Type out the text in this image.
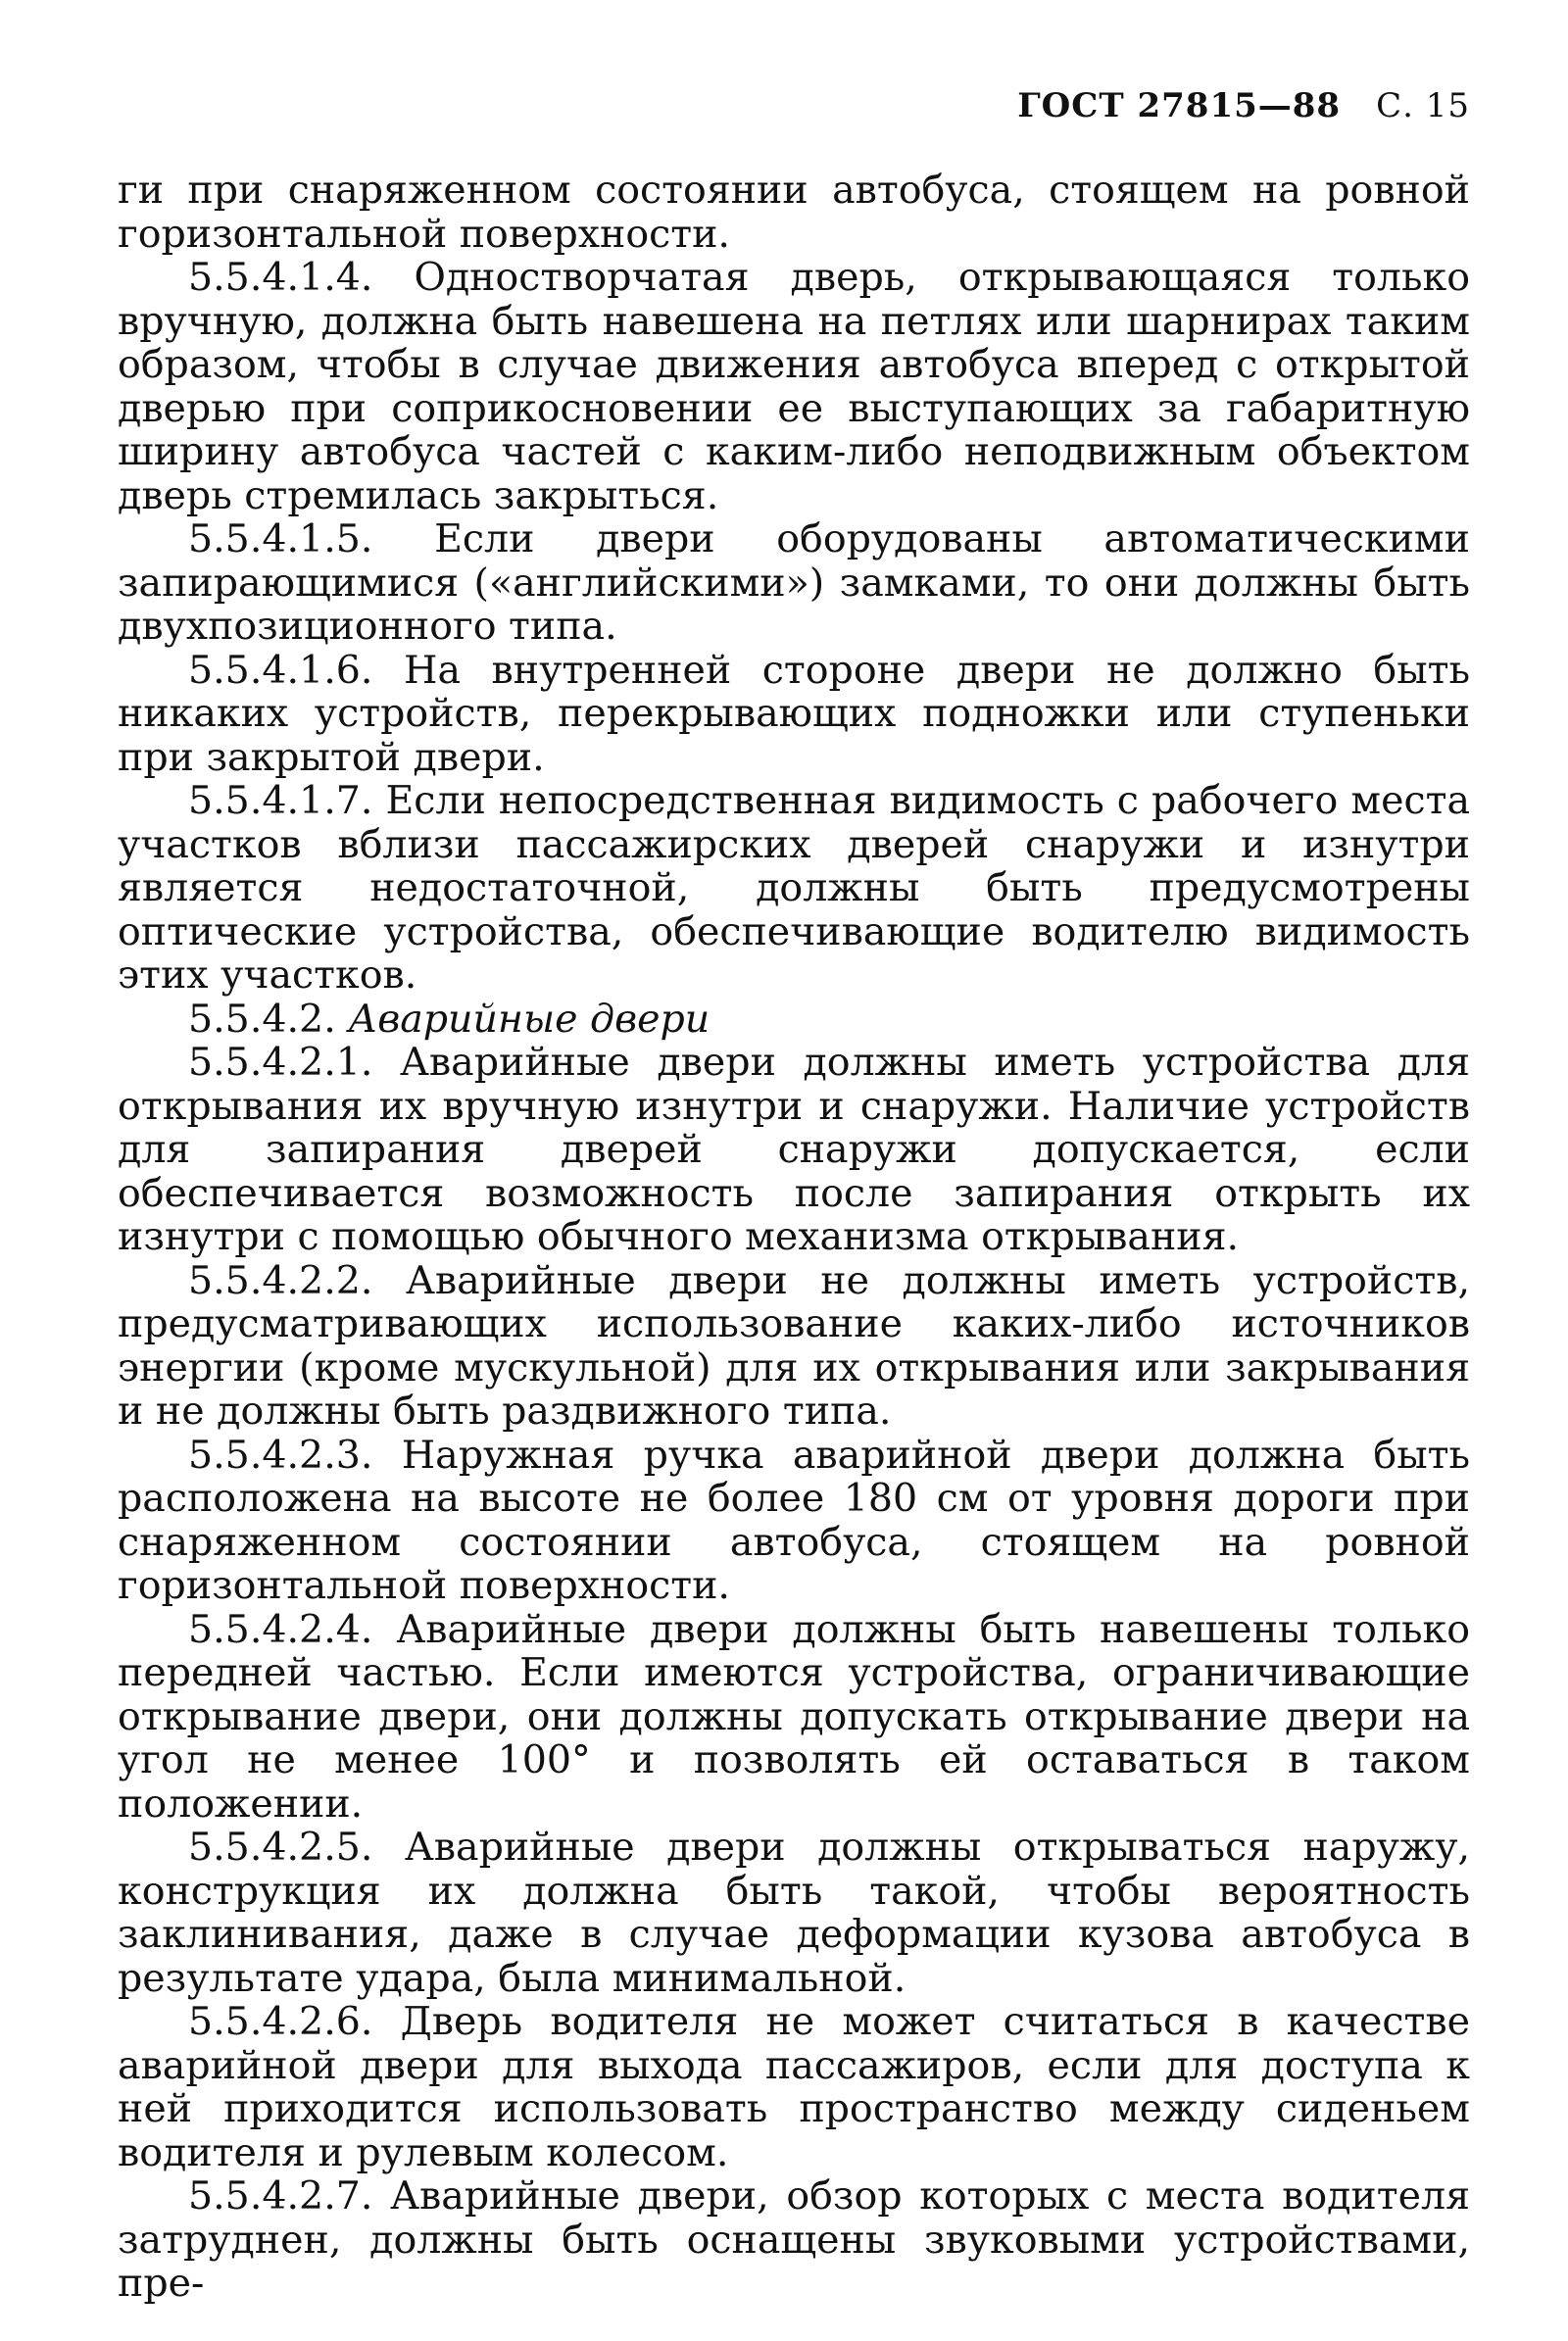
ГОСТ 27815—88 С. 15

ги при снаряженном состоянии автобуса, стоящем на ровной горизонтальной поверхности.

5.5.4.1.4. Одностворчатая дверь, открывающаяся только вручную, должна быть навешена на петлях или шарнирах таким образом, чтобы в случае движения автобуса вперед с открытой дверью при соприкосновении ее выступающих за габаритную ширину автобуса частей с каким-либо неподвижным объектом дверь стремилась закрыться.

5.5.4.1.5. Если двери оборудованы автоматическими запирающимися («английскими») замками, то они должны быть двухпозиционного типа.

5.5.4.1.6. На внутренней стороне двери не должно быть никаких устройств, перекрывающих подножки или ступеньки при закрытой двери.

5.5.4.1.7. Если непосредственная видимость с рабочего места участков вблизи пассажирских дверей снаружи и изнутри является недостаточной, должны быть предусмотрены оптические устройства, обеспечивающие водителю видимость этих участков.

5.5.4.2. Аварийные двери

5.5.4.2.1. Аварийные двери должны иметь устройства для открывания их вручную изнутри и снаружи. Наличие устройств для запирания дверей снаружи допускается, если обеспечивается возможность после запирания открыть их изнутри с помощью обычного механизма открывания.

5.5.4.2.2. Аварийные двери не должны иметь устройств, предусматривающих использование каких-либо источников энергии (кроме мускульной) для их открывания или закрывания и не должны быть раздвижного типа.

5.5.4.2.3. Наружная ручка аварийной двери должна быть расположена на высоте не более 180 см от уровня дороги при снаряженном состоянии автобуса, стоящем на ровной горизонтальной поверхности.

5.5.4.2.4. Аварийные двери должны быть навешены только передней частью. Если имеются устройства, ограничивающие открывание двери, они должны допускать открывание двери на угол не менее 100° и позволять ей оставаться в таком положении.

5.5.4.2.5. Аварийные двери должны открываться наружу, конструкция их должна быть такой, чтобы вероятность заклинивания, даже в случае деформации кузова автобуса в результате удара, была минимальной.

5.5.4.2.6. Дверь водителя не может считаться в качестве аварийной двери для выхода пассажиров, если для доступа к ней приходится использовать пространство между сиденьем водителя и рулевым колесом.

5.5.4.2.7. Аварийные двери, обзор которых с места водителя затруднен, должны быть оснащены звуковыми устройствами, пре-
